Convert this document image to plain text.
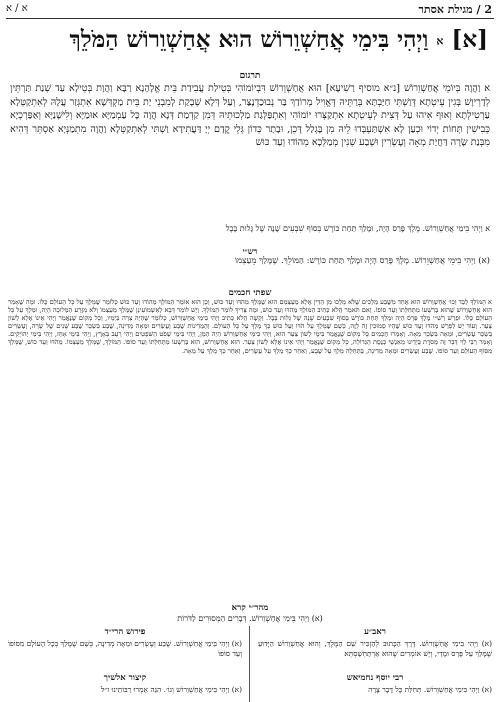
2 / מגילת אסתר
א / א
[א] א וַיְהִי בִּימֵי אֲחַשְׁוֵרוֹשׁ הוּא אֲחַשְׁוֵרוֹשׁ הַמֹּלֵךְ
תרגום
א וַהֲוָה בְּיוֹמֵי אֲחַשְׁוֵרוֹשׁ [נ״א מוסיף רַשִׁיעָא] הוּא אֲחַשְׁוֵרוֹשׁ דִּבְיוֹמוֹהִי בְּטֵילַת עֲבִידַת בֵּית אֱלָהָנָא רַבָּא וַהֲוָת בְּטֵילָא עַד שְׁנַת תַּרְתֵּין לְדָרְיוֶשׁ בְּגִין עֵיטְתָא דְּוַשְׁתִּי חַיַּבְתָּא בְּרַתֵּיהּ דְּאֱוִיל מְרוֹדַךְ בַּר נְבוּכַדְנֶצַּר, וְעַל דְּלָא שְׁבָקַת לְמִבְנֵי יַת בֵּית מַקְדְּשָׁא אִתְגְּזַר עֲלָהּ לְאִתְקַטְּלָא עַרְטִילְתָא וְאוּף אִיהוּ עַל דְּצִית לְעֵיטְתָא אִתְקַצְּרוּ יוֹמוֹהִי וְאִתְפַּלְּגַת מַלְכוּתֵיהּ דְּמִן קַדְמַת דְּנָא הֲוָה כָּל עַמְמַיָּא אוּמַיָּא וְלִישָׁנַיָּא וְאַפַּרְכְיָא כְּבִישִׁין תְּחוֹת יְדוֹי וּכְעַן לָא אִשְׁתַּעְבְּדוּ לֵיהּ מִן בָּגְלַל דָּכֵן, וּבָתַר כְּדוֹן גְּלֵי קֳדָם יְיָ דַּעֲתִידָא וַשְׁתִּי לְאִתְקַטְּלָא וַהֲוָה מִתְמַנְּיָא אַסְתֵּר דְּהִיא מִבְּנַת שָׂרָה דַּחֲיַת מְאָה וְעֶשְׂרִין וּשְׁבַע שְׁנִין מְמַלְּכָא מֵהוֹדוּ וְעַד כּוּשׁ
א וַיְהִי בִּימֵי אֲחַשְׁוֵרוֹשׁ. מֶלֶךְ פָּרַס הָיָה, וּמָלַךְ תַּחַת כּוֹרֶשׁ בְּסוֹף שִׁבְעִים שָׁנָה שֶׁל גָּלוּת בָּבֶל
רש״י
(א) וַיְהִי בִּימֵי אֲחַשְׁוֵרוֹשׁ. מֶלֶךְ פָּרַס הָיָה וּמָלַךְ תַּחַת כּוֹרֶשׁ: הַמּוֹלֵךְ. שֶׁמָּלַךְ מֵעַצְמוֹ
שפתי חכמים
א הַמּוֹלֵךְ לְבַד וְכוּ׳ אֲחַשְׁוֵרוֹשׁ הוּא אֶחָד מִשֶּׁבַע מְלָכִים שֶׁלֹּא מָלְכוּ מִן הַדִּין אֶלָּא מֵעַצְמָם הוּא שֶׁמָּלַךְ מִהֹדּוּ וְעַד כּוּשׁ, וְכֵן הוּא אוֹמֵר הַמּוֹלֵךְ מֵהוֹדוּ וְעַד כּוּשׁ כְּלוֹמַר שֶׁמָּלַךְ עַל כָּל הָעוֹלָם כֻּלּוֹ. וּמָה שֶּׁאָמַר הוּא אֲחַשְׁוֵרוֹשׁ שֶׁהוּא בְּרִשְׁעוֹ מִתְּחִלָּתוֹ וְעַד סוֹפוֹ. וְאִם תֹּאמַר הֲלֹא כְּתִיב הַמּוֹלֵךְ מֵהֹדּוּ וְעַד כּוּשׁ, וּמַה צָּרִיךְ לוֹמַר הַמּוֹלֵךְ. וְיֵשׁ לוֹמַר דְּבָא לְאַשְׁמוֹעִינַן שֶׁמָּלַךְ מֵעַצְמוֹ וְלֹא מִזֶּרַע הַמְּלוּכָה הָיָה, וּמָלַךְ עַל כָּל הָעוֹלָם כֻּלּוֹ. וּפֵרֵשׁ רַשִׁ״י מֶלֶךְ פָּרַס הָיָה וּמָלַךְ תַּחַת כּוֹרֶשׁ בְּסוֹף שִׁבְעִים שָׁנָה שֶׁל גָּלוּת בָּבֶל. וְקָשֶׁה הֲלֹא כְּתִיב וַיְהִי בִּימֵי אֲחַשְׁוֵרוֹשׁ, כְּלוֹמַר שֶׁהָיָה צָרָה בְּיָמָיו, וְכָל מָקוֹם שֶׁנֶּאֱמַר וַיְהִי אֵינוֹ אֶלָּא לְשׁוֹן צַעַר. וְעוֹד יֵשׁ לְפָרֵשׁ מֵהֹדּוּ וְעַד כּוּשׁ שֶׁהָיוּ סְמוּכִין זֶה לָזֶה, כְּשֵׁם שֶׁמָּלַךְ עַל הֹדּוּ וְעַל כּוּשׁ כָּךְ מָלַךְ עַל כָּל הָעוֹלָם. וְהַמְּדִינוֹת שֶׁבַע וְעֶשְׂרִים וּמֵאָה מְדִינָה, שֶׁבַע בִּשְׂכַר שֶׁבַע שָׁנִים שֶׁל שָׂרָה, וְעֶשְׂרִים בִּשְׂכַר עֶשְׂרִים, וּמֵאָה בִּשְׂכַר מֵאָה. וְאָמְרוּ חֲכָמִים כָּל מָקוֹם שֶׁנֶּאֱמַר בִּימֵי לְשׁוֹן צַעַר הוּא, וַיְהִי בִּימֵי אֲחַשְׁוֵרוֹשׁ הָיָה הָמָן, וַיְהִי בִּימֵי שְׁפֹט הַשֹּׁפְטִים וַיְהִי רָעָב בָּאָרֶץ, וַיְהִי בִּימֵי אָחָז, וַיְהִי בִּימֵי יְהוֹיָקִים. וְאָמַר רַבִּי לֵוִי דָּבָר זֶה מָסֹרֶת בְּיָדֵינוּ מֵאַנְשֵׁי כְּנֶסֶת הַגְּדוֹלָה, כָּל מָקוֹם שֶׁנֶּאֱמַר וַיְהִי אֵינוֹ אֶלָּא לְשׁוֹן צַעַר. הוּא אֲחַשְׁוֵרוֹשׁ, הוּא בְּרִשְׁעוֹ מִתְּחִלָּתוֹ וְעַד סוֹפוֹ. הַמּוֹלֵךְ, שֶׁמָּלַךְ מֵעַצְמוֹ. מֵהֹדּוּ וְעַד כּוּשׁ, שֶׁמָּלַךְ מִסּוֹף הָעוֹלָם וְעַד סוֹפוֹ. שֶׁבַע וְעֶשְׂרִים וּמֵאָה מְדִינָה, בַּתְּחִלָּה מָלַךְ עַל שֶׁבַע, וְאַחַר כָּךְ מָלַךְ עַל עֶשְׂרִים, וְאַחַר כָּךְ מָלַךְ עַל מֵאָה.
מהר״י קרא
(א) וַיְהִי בִּימֵי אֲחַשְׁוֵרוֹשׁ. דְּבָרִים הַמְּסוּרִים לַדֹּרוֹת
ראב״ע
(א) וַיְהִי בִּימֵי אֲחַשְׁוֵרוֹשׁ. דֶּרֶךְ הַכָּתוּב לְהַזְכִּיר שֵׁם הַמֶּלֶךְ, וְהוּא אֲחַשְׁוֵרוֹשׁ הַיָּדוּעַ שֶׁמָּלַךְ עַל פָּרַס וּמָדַי, וְיֵשׁ אוֹמְרִים שֶׁהוּא אַרְתַּחְשַׁסְתְּא
פירוש הרי״ד
(א) וַיְהִי בִּימֵי אֲחַשְׁוֵרוֹשׁ. שֶׁבַע וְעֶשְׂרִים וּמֵאָה מְדִינָה, כְּשֵׁם שֶׁמָּלַךְ בְּכָל הָעוֹלָם מִסּוֹפוֹ וְעַד סוֹפוֹ
רבי יוסף נחמיאש
(א) וַיְהִי בִּימֵי אֲחַשְׁוֵרוֹשׁ. תְּחִלַּת כָּל דָּבָר צָרָה
קיצור אלשיך
(א) וַיְהִי בִּימֵי אֲחַשְׁוֵרוֹשׁ וְגוֹ׳. הִנֵּה אָמְרוּ רַבּוֹתֵינוּ ז״ל
